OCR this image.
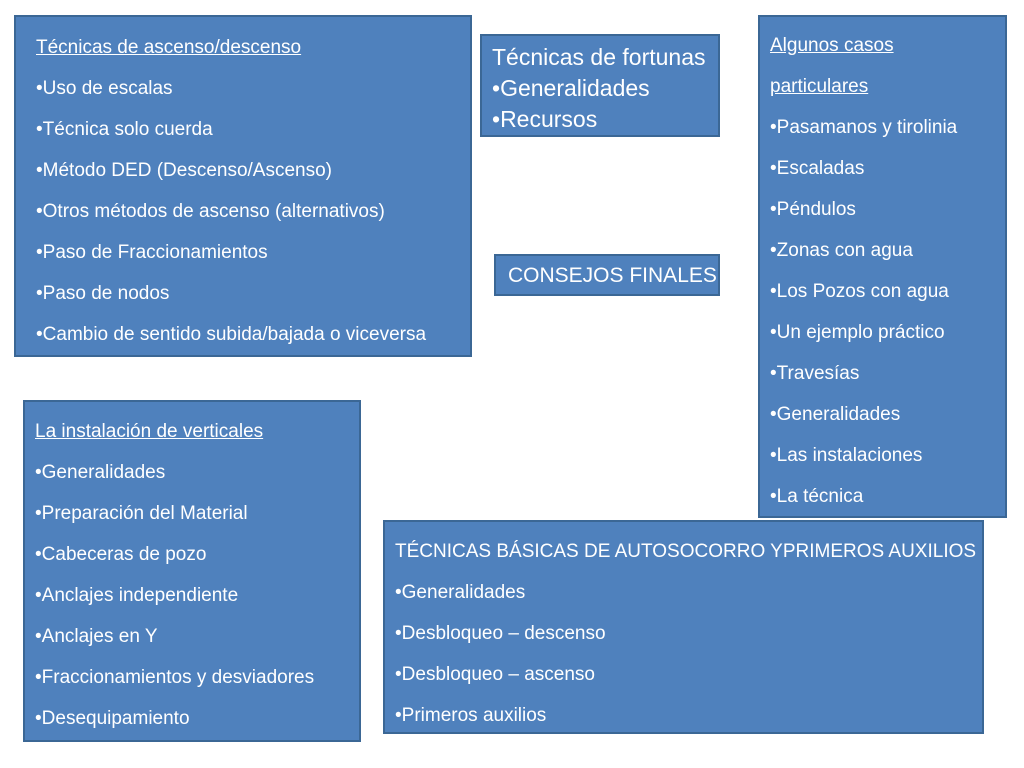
Técnicas de ascenso/descenso
• Uso de escalas
• Técnica solo cuerda
• Método DED (Descenso/Ascenso)
• Otros métodos de ascenso (alternativos)
• Paso de Fraccionamientos
• Paso de nodos
• Cambio de sentido subida/bajada o viceversa
Técnicas de fortunas
• Generalidades
• Recursos
CONSEJOS FINALES
Algunos casos
particulares
• Pasamanos y tirolinia
• Escaladas
• Péndulos
• Zonas con agua
• Los Pozos con agua
• Un ejemplo práctico
• Travesías
• Generalidades
• Las instalaciones
• La técnica
La instalación de verticales
• Generalidades
• Preparación del Material
• Cabeceras de pozo
• Anclajes independiente
• Anclajes en Y
• Fraccionamientos y desviadores
• Desequipamiento
TÉCNICAS BÁSICAS DE AUTOSOCORRO YPRIMEROS AUXILIOS
• Generalidades
• Desbloqueo – descenso
• Desbloqueo – ascenso
• Primeros auxilios
